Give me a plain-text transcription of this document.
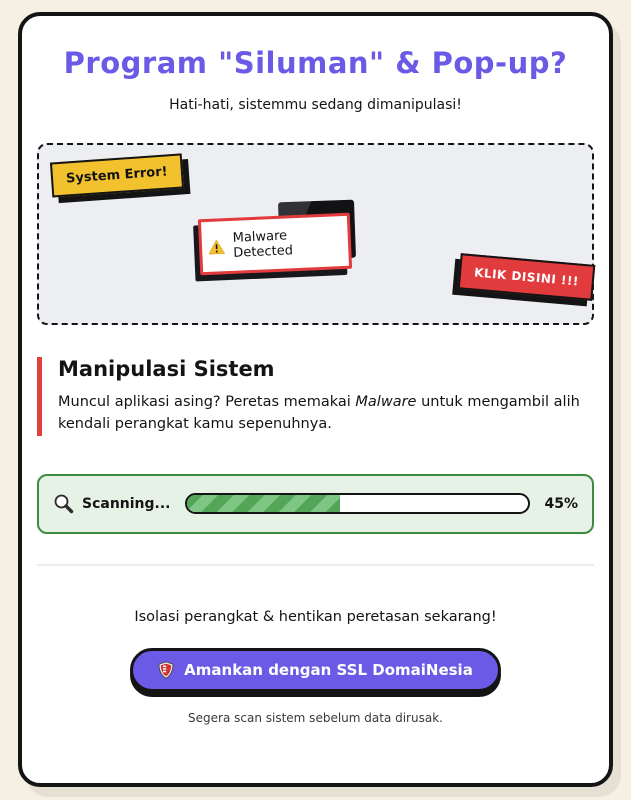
Program "Siluman" & Pop-up?
Hati-hati, sistemmu sedang dimanipulasi!
System Error!
Malware Detected
KLIK DISINI !!!
Manipulasi Sistem

Muncul aplikasi asing? Peretas memakai Malware untuk mengambil alih kendali perangkat kamu sepenuhnya.

Scanning...	45%
Isolasi perangkat & hentikan peretasan sekarang!
Amankan dengan SSL DomaiNesia
Segera scan sistem sebelum data dirusak.
